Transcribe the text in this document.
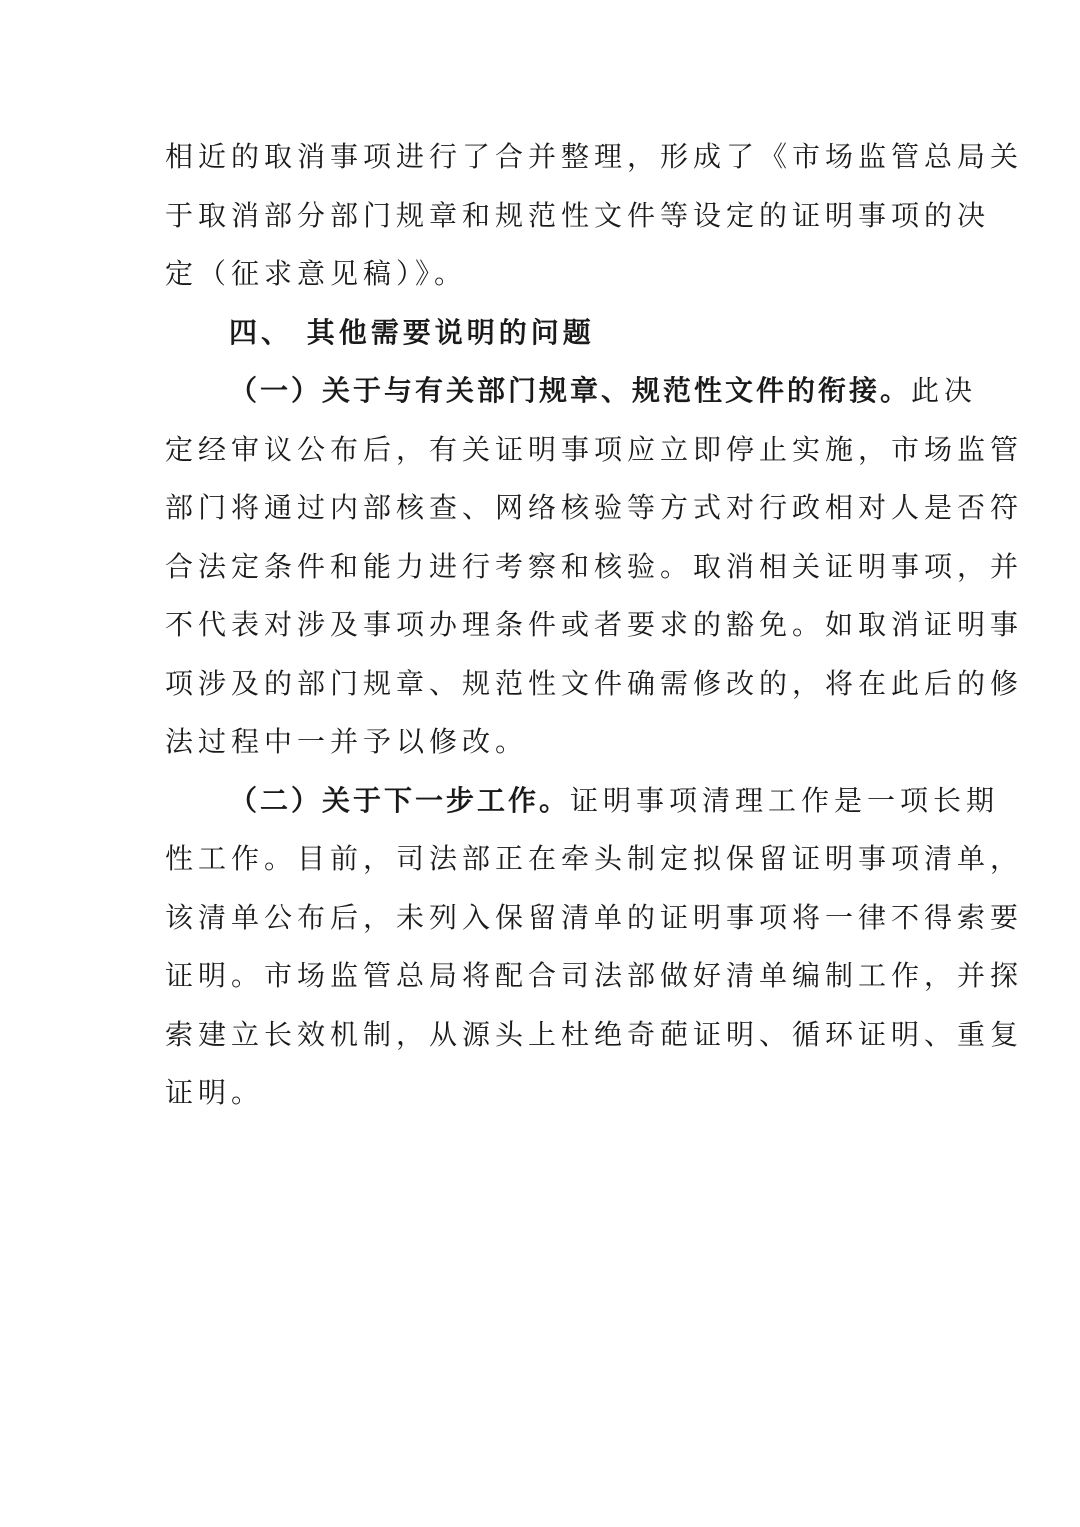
相近的取消事项进行了合并整理，形成了《市场监管总局关
于取消部分部门规章和规范性文件等设定的证明事项的决
定（征求意见稿）》。
四、 其他需要说明的问题
（一）关于与有关部门规章、规范性文件的衔接。此决
定经审议公布后，有关证明事项应立即停止实施，市场监管
部门将通过内部核查、网络核验等方式对行政相对人是否符
合法定条件和能力进行考察和核验。取消相关证明事项，并
不代表对涉及事项办理条件或者要求的豁免。如取消证明事
项涉及的部门规章、规范性文件确需修改的，将在此后的修
法过程中一并予以修改。
（二）关于下一步工作。证明事项清理工作是一项长期
性工作。目前，司法部正在牵头制定拟保留证明事项清单，
该清单公布后，未列入保留清单的证明事项将一律不得索要
证明。市场监管总局将配合司法部做好清单编制工作，并探
索建立长效机制，从源头上杜绝奇葩证明、循环证明、重复
证明。
